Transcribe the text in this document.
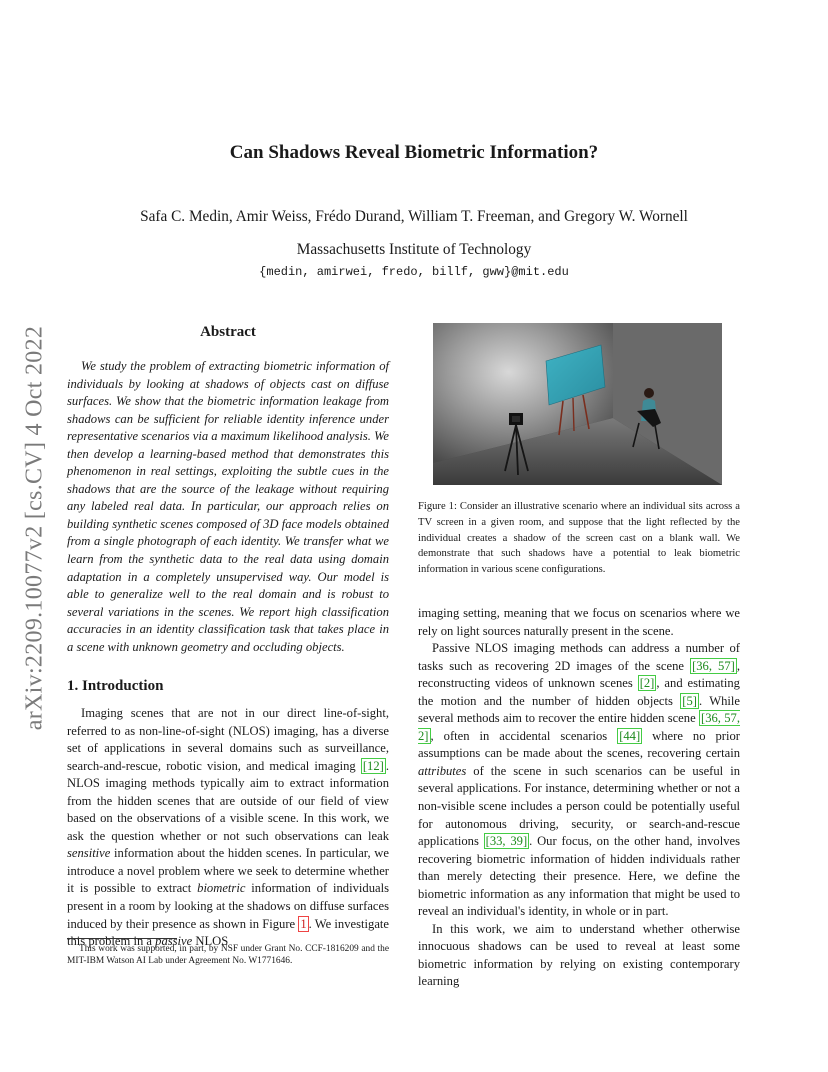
arXiv:2209.10077v2 [cs.CV] 4 Oct 2022
Can Shadows Reveal Biometric Information?

Safa C. Medin, Amir Weiss, Frédo Durand, William T. Freeman, and Gregory W. Wornell

Massachusetts Institute of Technology

{medin, amirwei, fredo, billf, gww}@mit.edu

Abstract

We study the problem of extracting biometric information of individuals by looking at shadows of objects cast on diffuse surfaces. We show that the biometric information leakage from shadows can be sufficient for reliable identity inference under representative scenarios via a maximum likelihood analysis. We then develop a learning-based method that demonstrates this phenomenon in real settings, exploiting the subtle cues in the shadows that are the source of the leakage without requiring any labeled real data. In particular, our approach relies on building synthetic scenes composed of 3D face models obtained from a single photograph of each identity. We transfer what we learn from the synthetic data to the real data using domain adaptation in a completely unsupervised way. Our model is able to generalize well to the real domain and is robust to several variations in the scenes. We report high classification accuracies in an identity classification task that takes place in a scene with unknown geometry and occluding objects.

1. Introduction

Imaging scenes that are not in our direct line-of-sight, referred to as non-line-of-sight (NLOS) imaging, has a diverse set of applications in several domains such as surveillance, search-and-rescue, robotic vision, and medical imaging [12] . NLOS imaging methods typically aim to extract information from the hidden scenes that are outside of our field of view based on the observations of a visible scene. In this work, we ask the question whether or not such observations can leak sensitive information about the hidden scenes. In particular, we introduce a novel problem where we seek to determine whether it is possible to extract biometric information of individuals present in a room by looking at the shadows on diffuse surfaces induced by their presence as shown in Figure 1 . We investigate this problem in a passive NLOS

This work was supported, in part, by NSF under Grant No. CCF-1816209 and the MIT-IBM Watson AI Lab under Agreement No. W1771646.

Figure 1: Consider an illustrative scenario where an individual sits across a TV screen in a given room, and suppose that the light reflected by the individual creates a shadow of the screen cast on a blank wall. We demonstrate that such shadows have a potential to leak biometric information in various scene configurations.

imaging setting, meaning that we focus on scenarios where we rely on light sources naturally present in the scene.

Passive NLOS imaging methods can address a number of tasks such as recovering 2D images of the scene [36, 57] , reconstructing videos of unknown scenes [2] , and estimating the motion and the number of hidden objects [5] . While several methods aim to recover the entire hidden scene [36, 57, 2] , often in accidental scenarios [44] where no prior assumptions can be made about the scenes, recovering certain attributes of the scene in such scenarios can be useful in several applications. For instance, determining whether or not a non-visible scene includes a person could be potentially useful for autonomous driving, security, or search-and-rescue applications [33, 39] . Our focus, on the other hand, involves recovering biometric information of hidden individuals rather than merely detecting their presence. Here, we define the biometric information as any information that might be used to reveal an individual's identity, in whole or in part.

In this work, we aim to understand whether otherwise innocuous shadows can be used to reveal at least some biometric information by relying on existing contemporary learning
